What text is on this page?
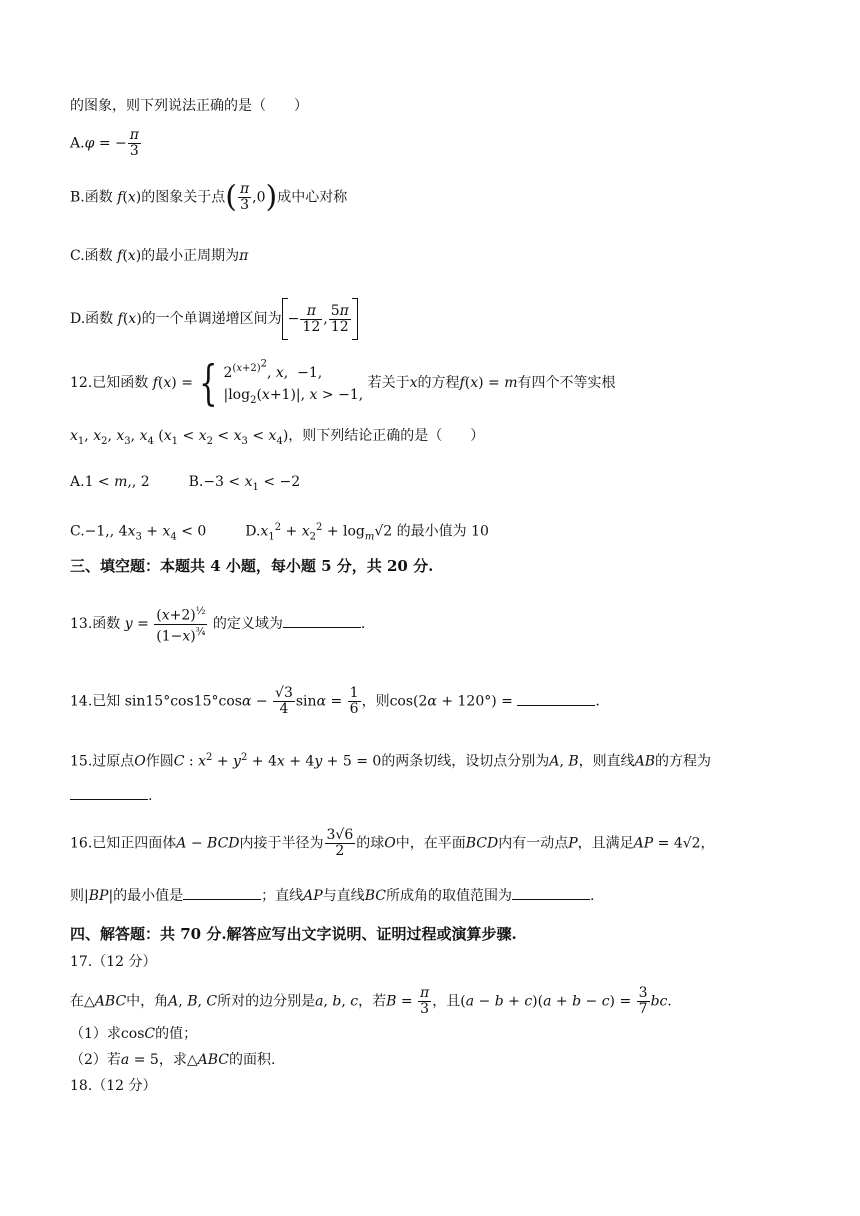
的图象，则下列说法正确的是（　　）
A.φ = − $\frac{\pi}{3}$
B.函数 f(x)的图象关于点( $\frac{\pi}{3} ,0$)成中心对称
C.函数 f(x)的最小正周期为π
D.函数 f(x)的一个单调递增区间为 − $\frac{\pi}{12}$ , $\frac{5\pi}{12}$
12.已知函数 f(x) = { $2^{(x+2)^2}$, x,  −1,
$|\log_2(x+1)|$, x > −1,
若关于x的方程f(x) = m有四个不等实根
$x_1$, $x_2$, $x_3$, $x_4$ $(x_1 < x_2 < x_3 < x_4)$，则下列结论正确的是（　　）
A.1 < m,, 2  $B.-3 < x_1 < -2$
C.−1,, $4x_3 + x_4 < 0$  $D.x_1^2 + x_2^2 + \log_m√2$ 的最小值为 10
三、填空题：本题共 4 小题，每小题 5 分，共 20 分.
13.函数 $y = \frac{(x+2)^{\frac{1}{2}}}{(1-x)^{\frac{3}{4}}}$ 的定义域为	.
14.已知 $\sin 15^\circ\cos 15^\circ\cos\alpha - \frac{√3}{4}$ $\sin\alpha = \frac{1}{6}$ ，则cos(2α + 120°) =	.
15.过原点O作圆C : $x^2 + y^2 + 4x + 4y + 5 = 0$的两条切线，设切点分别为A, B，则直线AB的方程为
.
16.已知正四面体A − BCD内接于半径为 $\frac{3√6}{2}$ 的球O中，在平面BCD内有一动点P，且满足AP = 4√2，
则|BP|的最小值是	；直线AP与直线BC所成角的取值范围为	.
四、解答题：共 70 分.解答应写出文字说明、证明过程或演算步骤.
17.（12 分）
在△ABC中，角A, B, C所对的边分别是a, b, c，若$B = \frac{\pi}{3}$ ，且$(a - b + c)(a + b - c) = \frac{3}{7}$ bc.
（1）求cosC的值；
（2）若a = 5，求△ABC的面积.
18.（12 分）
